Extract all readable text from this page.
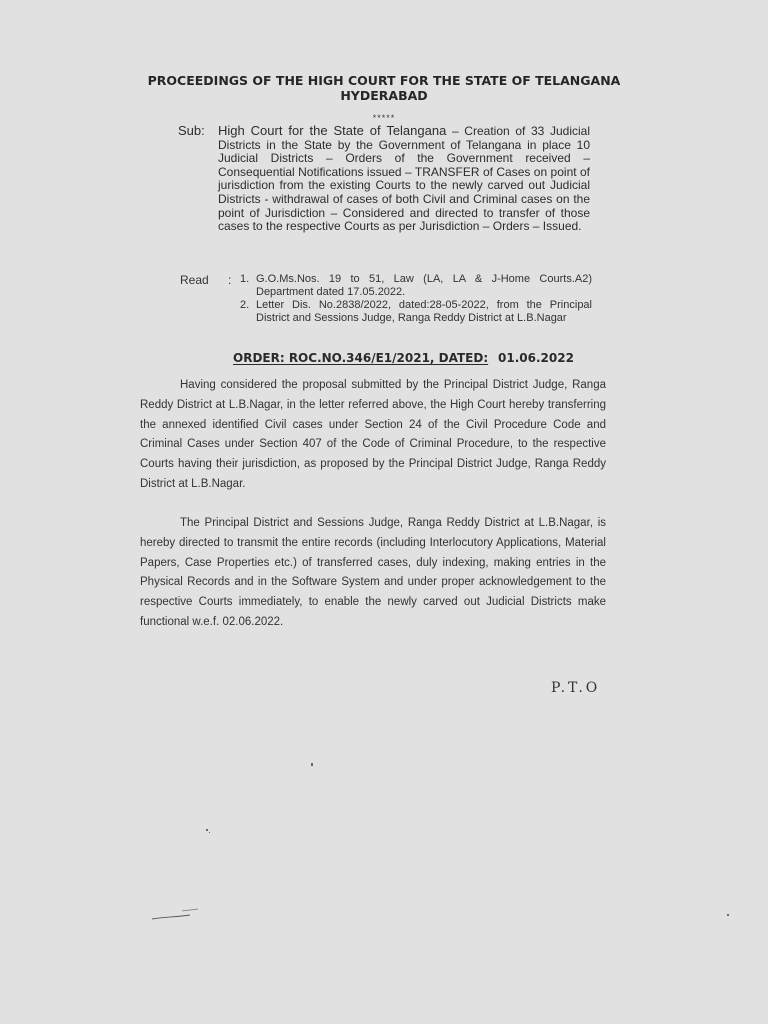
PROCEEDINGS OF THE HIGH COURT FOR THE STATE OF TELANGANA
HYDERABAD
*****
Sub: High Court for the State of Telangana – Creation of 33 Judicial Districts in the State by the Government of Telangana in place 10 Judicial Districts – Orders of the Government received – Consequential Notifications issued – TRANSFER of Cases on point of jurisdiction from the existing Courts to the newly carved out Judicial Districts - withdrawal of cases of both Civil and Criminal cases on the point of Jurisdiction – Considered and directed to transfer of those cases to the respective Courts as per Jurisdiction – Orders – Issued.
Read : 1. G.O.Ms.Nos. 19 to 51, Law (LA, LA & J-Home Courts.A2) Department dated 17.05.2022.
2. Letter Dis. No.2838/2022, dated:28-05-2022, from the Principal District and Sessions Judge, Ranga Reddy District at L.B.Nagar
ORDER: ROC.NO.346/E1/2021, DATED: 01.06.2022
Having considered the proposal submitted by the Principal District Judge, Ranga Reddy District at L.B.Nagar, in the letter referred above, the High Court hereby transferring the annexed identified Civil cases under Section 24 of the Civil Procedure Code and Criminal Cases under Section 407 of the Code of Criminal Procedure, to the respective Courts having their jurisdiction, as proposed by the Principal District Judge, Ranga Reddy District at L.B.Nagar.
The Principal District and Sessions Judge, Ranga Reddy District at L.B.Nagar, is hereby directed to transmit the entire records (including Interlocutory Applications, Material Papers, Case Properties etc.) of transferred cases, duly indexing, making entries in the Physical Records and in the Software System and under proper acknowledgement to the respective Courts immediately, to enable the newly carved out Judicial Districts make functional w.e.f. 02.06.2022.
P.T.O
